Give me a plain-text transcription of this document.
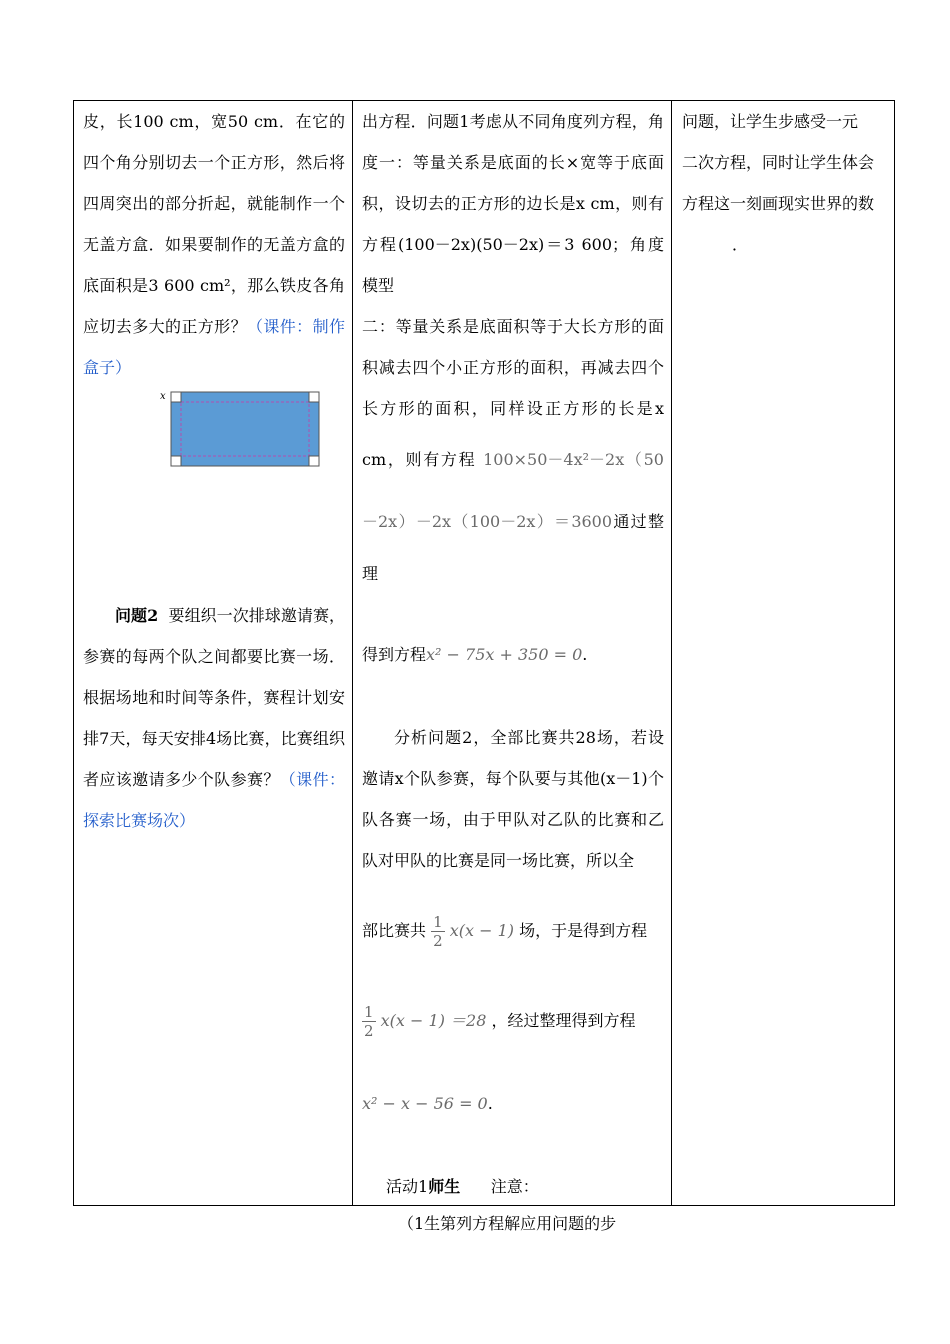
皮，长100 cm，宽50 cm．在它的四个角分别切去一个正方形，然后将四周突出的部分折起，就能制作一个无盖方盒．如果要制作的无盖方盒的底面积是3 600 cm²，那么铁皮各角应切去多大的正方形？（课件：制作盒子）

x

问题2 要组织一次排球邀请赛，参赛的每两个队之间都要比赛一场．根据场地和时间等条件，赛程计划安排7天，每天安排4场比赛，比赛组织者应该邀请多少个队参赛？（课件：探索比赛场次）

出方程．问题1考虑从不同角度列方程，角度一：等量关系是底面的长×宽等于底面积，设切去的正方形的边长是x cm，则有方程(100－2x)(50－2x)＝3 600；角度模型

二：等量关系是底面积等于大长方形的面积减去四个小正方形的面积，再减去四个长方形的面积，同样设正方形的长是x cm，则有方程 100×50－4x²－2x（50－2x）－2x（100－2x）＝3600通过整理

得到方程x² − 75x + 350 = 0.

分析问题2，全部比赛共28场，若设邀请x个队参赛，每个队要与其他(x－1)个队各赛一场，由于甲队对乙队的比赛和乙队对甲队的比赛是同一场比赛，所以全

部比赛共 $\frac{1}{2} x(x - 1)$ 场，于是得到方程

$\frac{1}{2} x(x - 1) =28$ ，经过整理得到方程

x² − x − 56 = 0.

活动1师生 注意：

（1生第列方程解应用问题的步

问题，让学生步感受一元

二次方程，同时让学生体会

方程这一刻画现实世界的数

．
